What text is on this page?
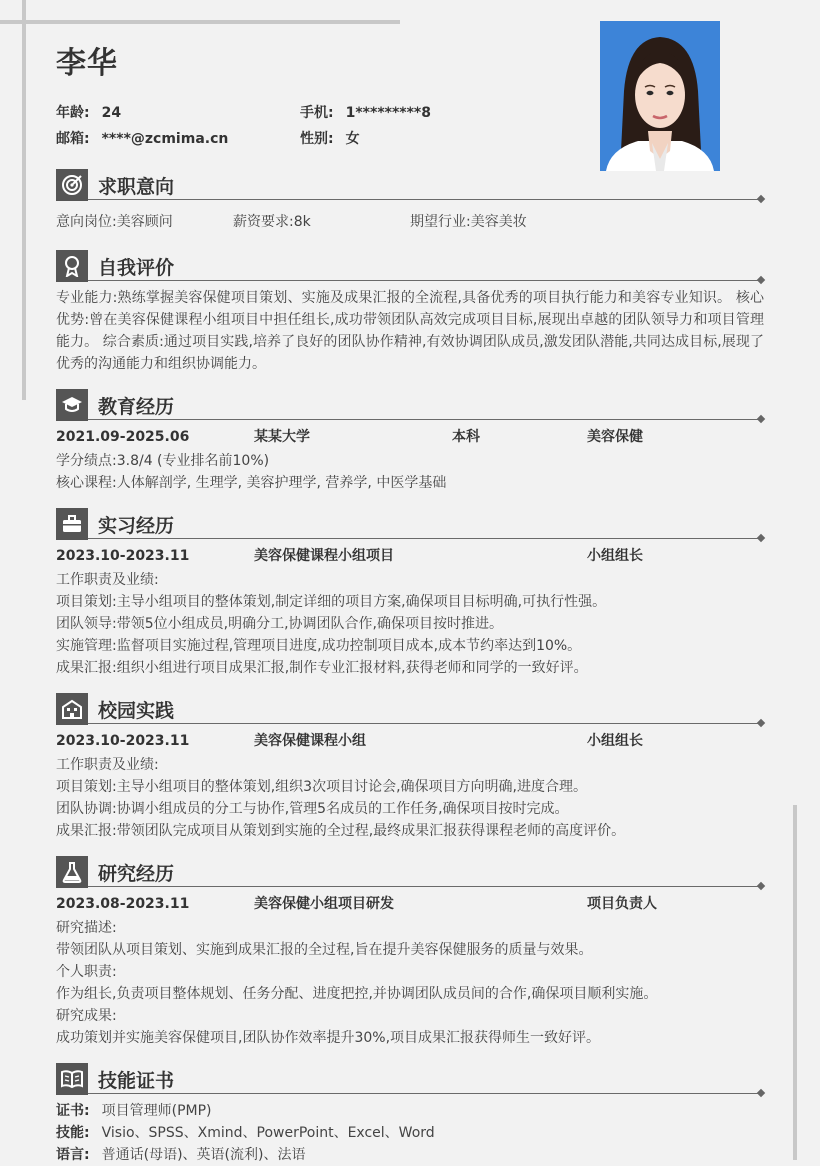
李华
年龄: 24	手机: 1*********8
邮箱: ****@zcmima.cn	性别: 女
求职意向
意向岗位:美容顾问	薪资要求:8k	期望行业:美容美妆
自我评价
专业能力:熟练掌握美容保健项目策划、实施及成果汇报的全流程,具备优秀的项目执行能力和美容专业知识。 核心优势:曾在美容保健课程小组项目中担任组长,成功带领团队高效完成项目目标,展现出卓越的团队领导力和项目管理能力。 综合素质:通过项目实践,培养了良好的团队协作精神,有效协调团队成员,激发团队潜能,共同达成目标,展现了优秀的沟通能力和组织协调能力。
教育经历
2021.09-2025.06	某某大学	本科	美容保健
学分绩点:3.8/4 (专业排名前10%)
核心课程:人体解剖学, 生理学, 美容护理学, 营养学, 中医学基础
实习经历
2023.10-2023.11	美容保健课程小组项目	小组组长
工作职责及业绩:
项目策划:主导小组项目的整体策划,制定详细的项目方案,确保项目目标明确,可执行性强。
团队领导:带领5位小组成员,明确分工,协调团队合作,确保项目按时推进。
实施管理:监督项目实施过程,管理项目进度,成功控制项目成本,成本节约率达到10%。
成果汇报:组织小组进行项目成果汇报,制作专业汇报材料,获得老师和同学的一致好评。
校园实践
2023.10-2023.11	美容保健课程小组	小组组长
工作职责及业绩:
项目策划:主导小组项目的整体策划,组织3次项目讨论会,确保项目方向明确,进度合理。
团队协调:协调小组成员的分工与协作,管理5名成员的工作任务,确保项目按时完成。
成果汇报:带领团队完成项目从策划到实施的全过程,最终成果汇报获得课程老师的高度评价。
研究经历
2023.08-2023.11	美容保健小组项目研发	项目负责人
研究描述:
带领团队从项目策划、实施到成果汇报的全过程,旨在提升美容保健服务的质量与效果。
个人职责:
作为组长,负责项目整体规划、任务分配、进度把控,并协调团队成员间的合作,确保项目顺利实施。
研究成果:
成功策划并实施美容保健项目,团队协作效率提升30%,项目成果汇报获得师生一致好评。
技能证书
证书: 项目管理师(PMP)
技能: Visio、SPSS、Xmind、PowerPoint、Excel、Word
语言: 普通话(母语)、英语(流利)、法语
